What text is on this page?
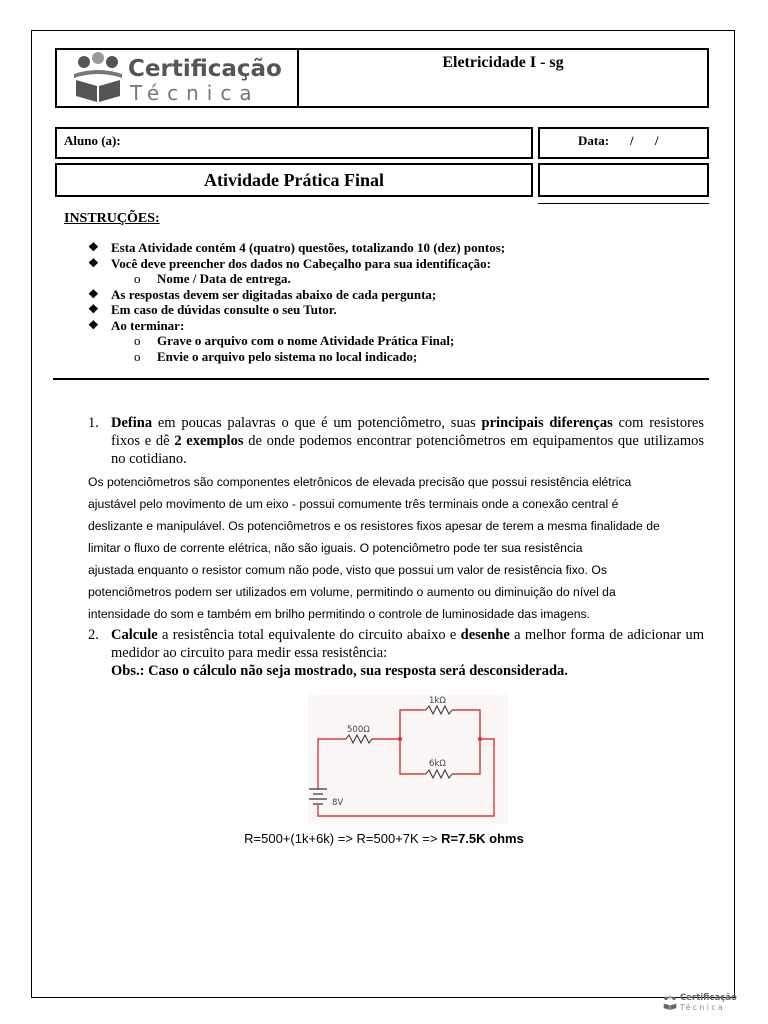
Certificação
Técnica
Eletricidade I - sg
Aluno (a):	Data: / /
Atividade Prática Final
INSTRUÇÕES:
❖ Esta Atividade contém 4 (quatro) questões, totalizando 10 (dez) pontos;
❖ Você deve preencher dos dados no Cabeçalho para sua identificação:
o Nome / Data de entrega.
❖ As respostas devem ser digitadas abaixo de cada pergunta;
❖ Em caso de dúvidas consulte o seu Tutor.
❖ Ao terminar:
o Grave o arquivo com o nome Atividade Prática Final;
o Envie o arquivo pelo sistema no local indicado;
1. Defina em poucas palavras o que é um potenciômetro, suas principais diferenças com resistores fixos e dê 2 exemplos de onde podemos encontrar potenciômetros em equipamentos que utilizamos no cotidiano.
Os potenciômetros são componentes eletrônicos de elevada precisão que possui resistência elétrica
ajustável pelo movimento de um eixo - possui comumente três terminais onde a conexão central é
deslizante e manipulável. Os potenciômetros e os resistores fixos apesar de terem a mesma finalidade de
limitar o fluxo de corrente elétrica, não são iguais. O potenciômetro pode ter sua resistência
ajustada enquanto o resistor comum não pode, visto que possui um valor de resistência fixo. Os
potenciômetros podem ser utilizados em volume, permitindo o aumento ou diminuição do nível da
intensidade do som e também em brilho permitindo o controle de luminosidade das imagens.
2. Calcule a resistência total equivalente do circuito abaixo e desenhe a melhor forma de adicionar um medidor ao circuito para medir essa resistência:
Obs.: Caso o cálculo não seja mostrado, sua resposta será desconsiderada.
500Ω
1kΩ
6kΩ
8V
R=500+(1k+6k) => R=500+7K => R=7.5K ohms
Certificação
Técnica
